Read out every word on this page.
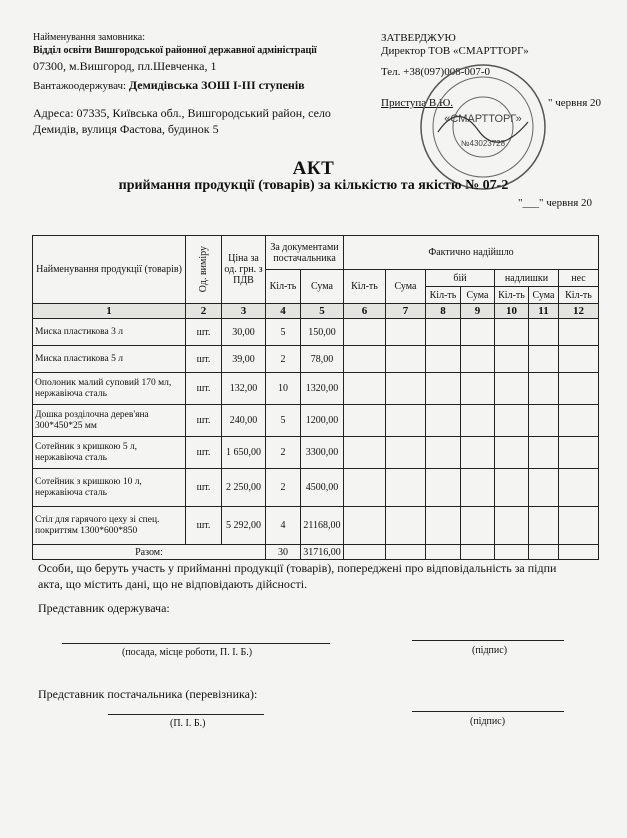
Найменування замовника:
Відділ освіти Вишгородської районної державної адміністрації
07300, м.Вишгород, пл.Шевченка, 1
Вантажоодержувач: Демидівська ЗОШ І-ІІІ ступенів
Адреса: 07335, Київська обл., Вишгородський район, село
Демидів, вулиця Фастова, будинок 5
ЗАТВЕРДЖУЮ
Директор ТОВ «СМАРТТОРГ»
Тел. +38(097)008-007-0
Приступа В.Ю.	" червня 20
«СМАРТТОРГ»
№43023728
АКТ
приймання продукції (товарів) за кількістю та якістю № 07-2
"___" червня 20
Найменування продукції (товарів)	Од. виміру	Ціна за од. грн. з ПДВ	За документами постачальника		Фактично надійшло						
			Кіл-ть	Сума	Кіл-ть	Сума	бій		надлишки		нес
							Кіл-ть	Сума	Кіл-ть	Сума	Кіл-ть
1	2	3	4	5	6	7	8	9	10	11	12
Миска пластикова 3 л	шт.	30,00	5	150,00							
Миска пластикова 5 л	шт.	39,00	2	78,00							
Ополоник малий суповий 170 мл, нержавіюча сталь	шт.	132,00	10	1320,00							
Дошка розділочна дерев'яна 300*450*25 мм	шт.	240,00	5	1200,00							
Сотейник з кришкою 5 л, нержавіюча сталь	шт.	1 650,00	2	3300,00							
Сотейник з кришкою 10 л, нержавіюча сталь	шт.	2 250,00	2	4500,00							
Стіл для гарячого цеху зі спец. покриттям 1300*600*850	шт.	5 292,00	4	21168,00							
Разом:			30	31716,00							
Особи, що беруть участь у прийманні продукції (товарів), попереджені про відповідальність за підпи
акта, що містить дані, що не відповідають дійсності.
Представник одержувача:
(посада, місце роботи, П. І. Б.)	(підпис)
Представник постачальника (перевізника):
(П. І. Б.)	(підпис)
